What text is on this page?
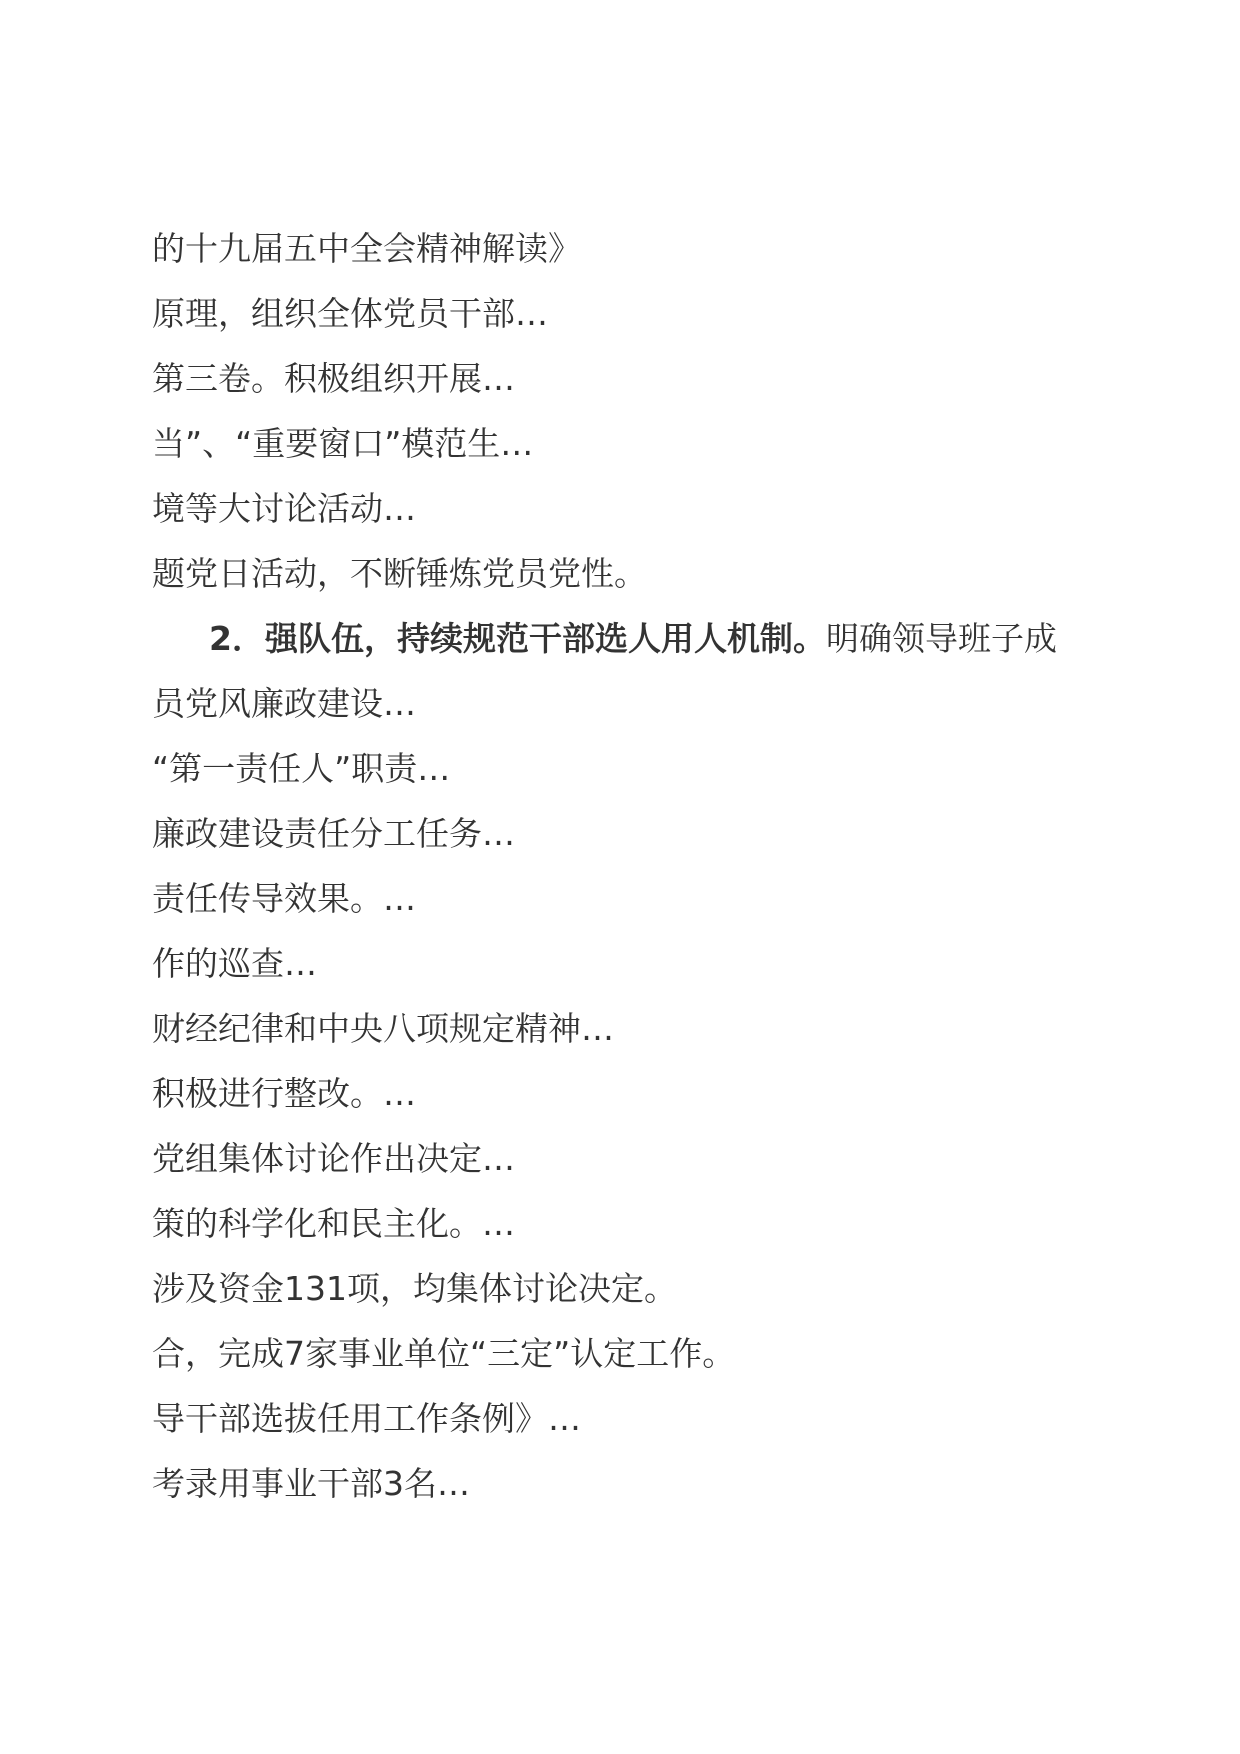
的十九届五中全会精神解读》
原理，组织全体党员干部…
第三卷。积极组织开展…
当”、“重要窗口”模范生…
境等大讨论活动…
题党日活动，不断锤炼党员党性。
2．强队伍，持续规范干部选人用人机制。明确领导班子成
员党风廉政建设…
“第一责任人”职责…
廉政建设责任分工任务…
责任传导效果。…
作的巡查…
财经纪律和中央八项规定精神…
积极进行整改。…
党组集体讨论作出决定…
策的科学化和民主化。…
涉及资金131项，均集体讨论决定。
合，完成7家事业单位“三定”认定工作。
导干部选拔任用工作条例》…
考录用事业干部3名…
